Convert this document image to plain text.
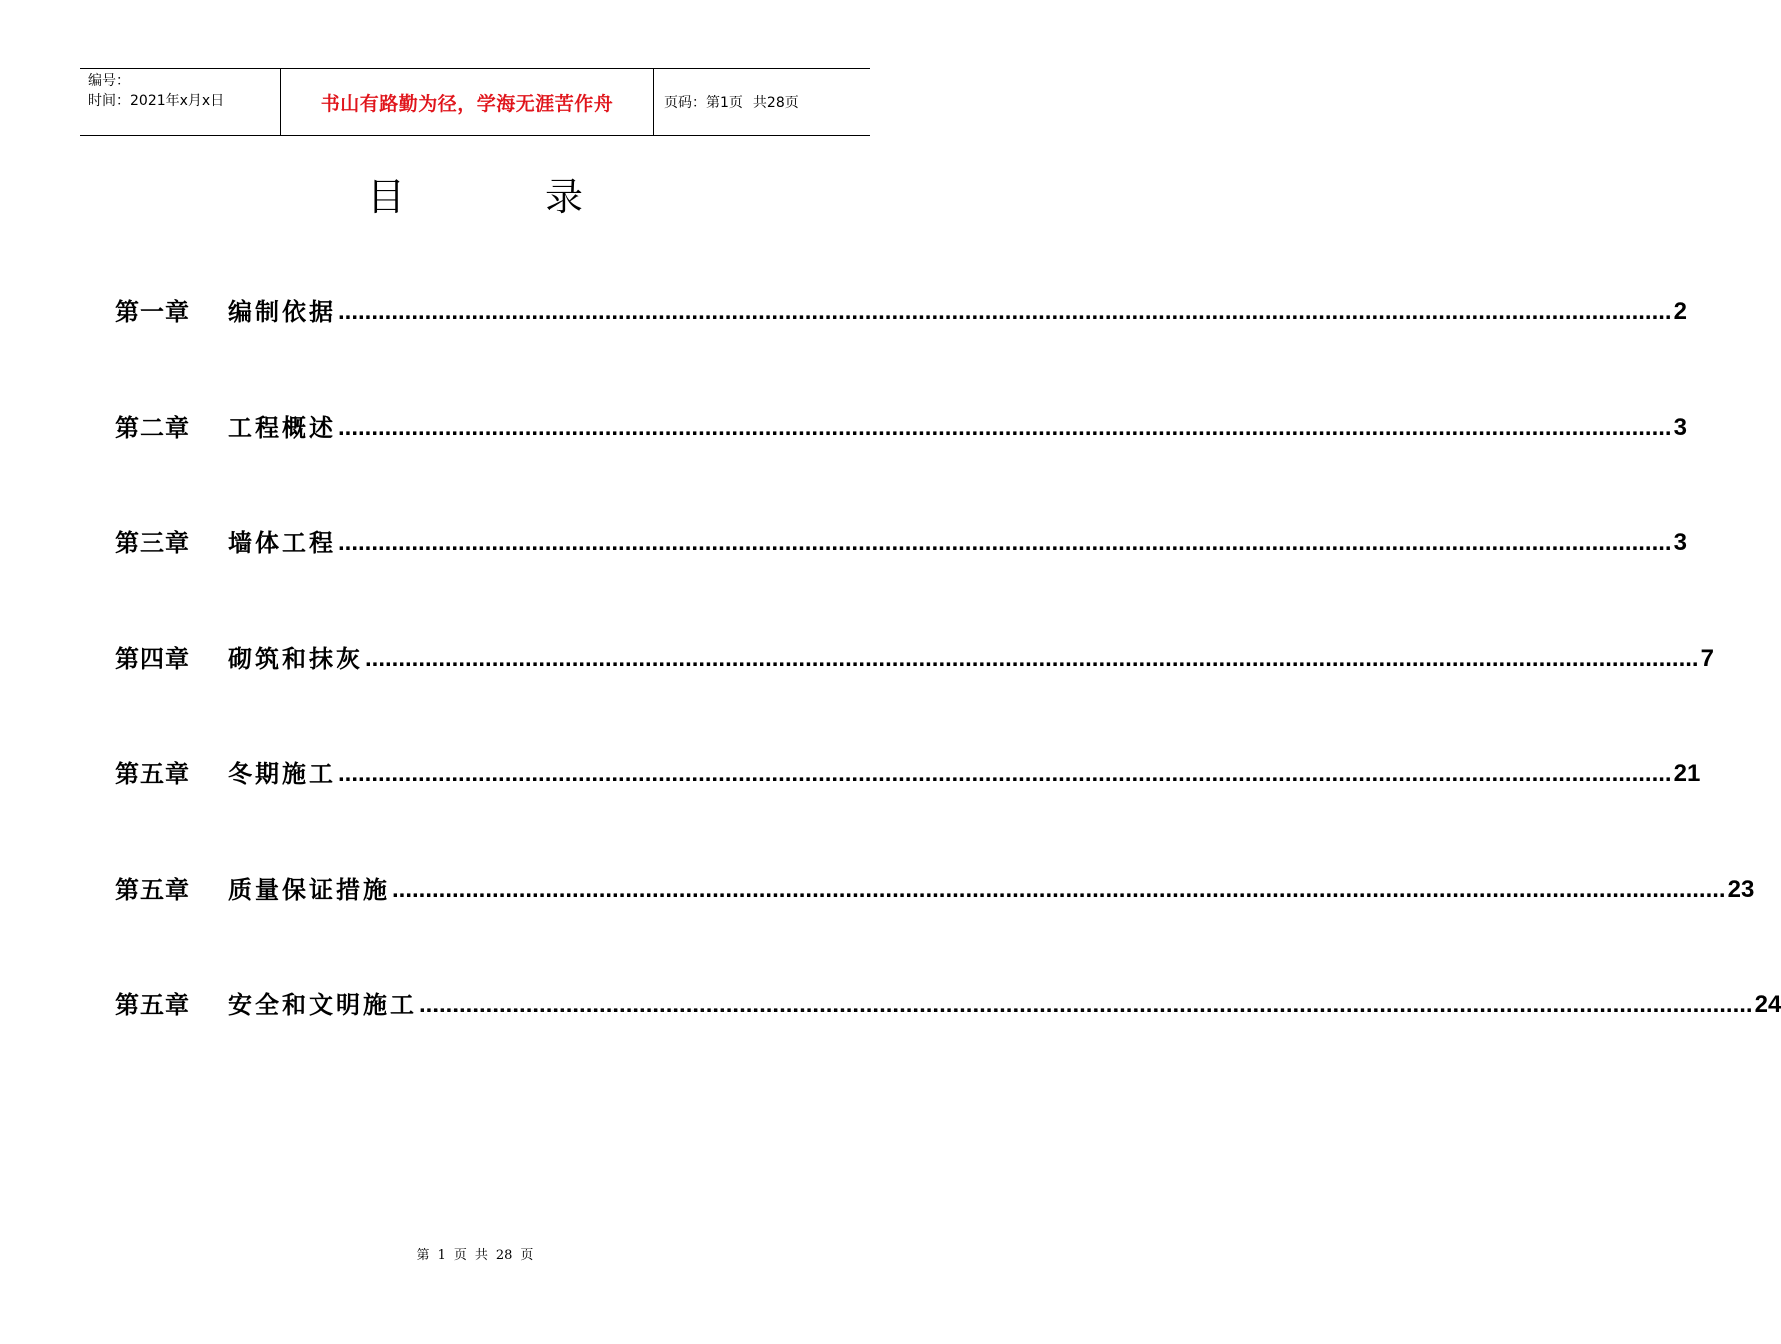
编号：
时间：2021年x月x日	书山有路勤为径，学海无涯苦作舟	页码：第1页 共28页
目	录
第一章	编制依据 ........................................................................................................................................................................................................ 2
第二章	工程概述 ........................................................................................................................................................................................................ 3
第三章	墙体工程 ........................................................................................................................................................................................................ 3
第四章	砌筑和抹灰 ........................................................................................................................................................................................................ 7
第五章	冬期施工 ........................................................................................................................................................................................................ 21
第五章	质量保证措施 ........................................................................................................................................................................................................ 23
第五章	安全和文明施工 ........................................................................................................................................................................................................ 24
第 1 页 共 28 页
